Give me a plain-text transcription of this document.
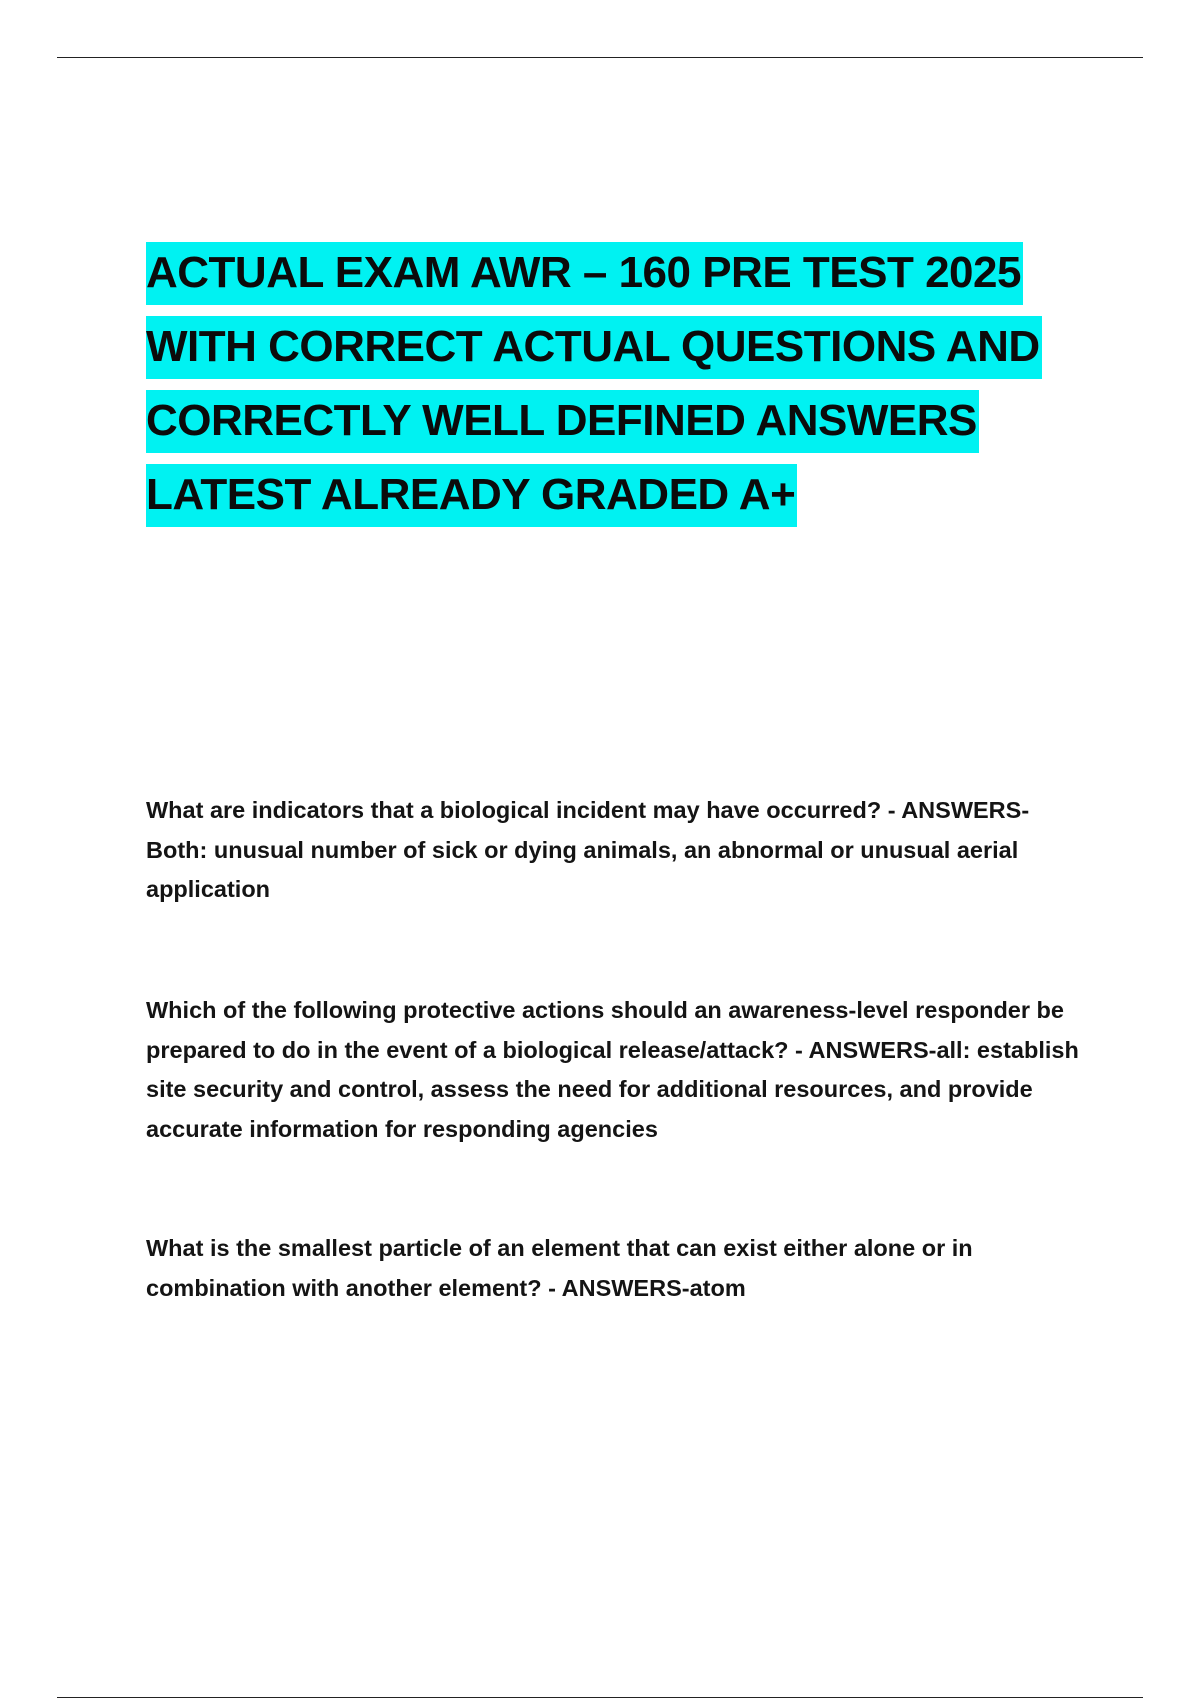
ACTUAL EXAM AWR – 160 PRE TEST 2025
WITH CORRECT ACTUAL QUESTIONS AND
CORRECTLY WELL DEFINED ANSWERS
LATEST ALREADY GRADED A+

What are indicators that a biological incident may have occurred? - ANSWERS-Both: unusual number of sick or dying animals, an abnormal or unusual aerial application

Which of the following protective actions should an awareness-level responder be prepared to do in the event of a biological release/attack? - ANSWERS-all: establish site security and control, assess the need for additional resources, and provide accurate information for responding agencies

What is the smallest particle of an element that can exist either alone or in combination with another element? - ANSWERS-atom
